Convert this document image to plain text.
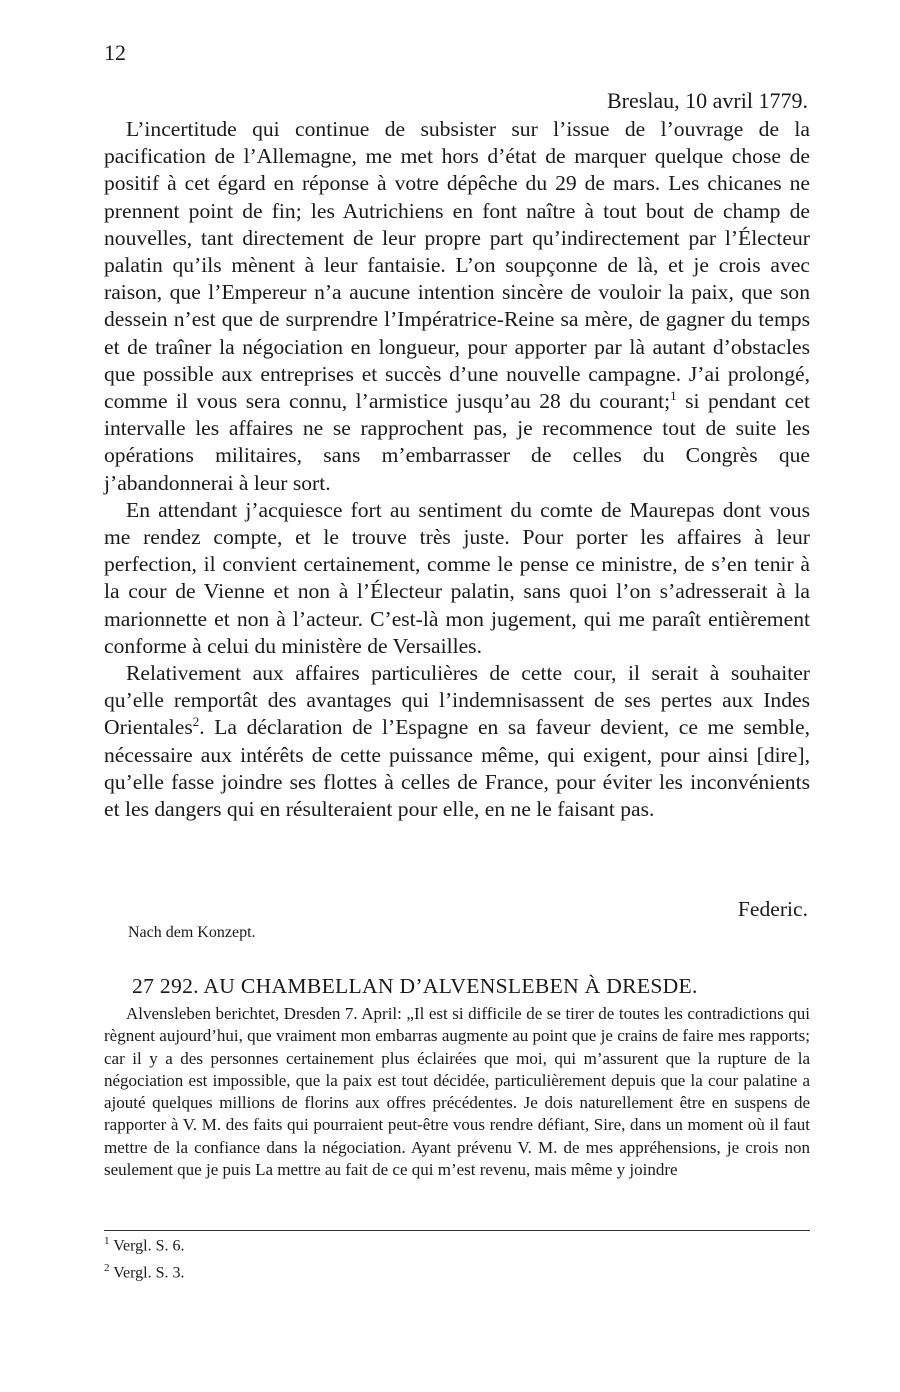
12
Breslau, 10 avril 1779.

L’incertitude qui continue de subsister sur l’issue de l’ouvrage de la pacification de l’Allemagne, me met hors d’état de marquer quelque chose de positif à cet égard en réponse à votre dépêche du 29 de mars. Les chicanes ne prennent point de fin; les Autrichiens en font naître à tout bout de champ de nouvelles, tant directement de leur propre part qu’indirectement par l’Électeur palatin qu’ils mènent à leur fantaisie. L’on soupçonne de là, et je crois avec raison, que l’Empereur n’a aucune intention sincère de vouloir la paix, que son dessein n’est que de surprendre l’Impératrice-Reine sa mère, de gagner du temps et de traîner la négociation en longueur, pour apporter par là autant d’obstacles que possible aux entreprises et succès d’une nouvelle campagne. J’ai prolongé, comme il vous sera connu, l’armistice jusqu’au 28 du courant;$^1$ si pendant cet intervalle les affaires ne se rapprochent pas, je recommence tout de suite les opérations militaires, sans m’embarrasser de celles du Congrès que j’abandonnerai à leur sort.

En attendant j’acquiesce fort au sentiment du comte de Maurepas dont vous me rendez compte, et le trouve très juste. Pour porter les affaires à leur perfection, il convient certainement, comme le pense ce ministre, de s’en tenir à la cour de Vienne et non à l’Électeur palatin, sans quoi l’on s’adresserait à la marionnette et non à l’acteur. C’est-là mon jugement, qui me paraît entièrement conforme à celui du ministère de Versailles.

Relativement aux affaires particulières de cette cour, il serait à souhaiter qu’elle remportât des avantages qui l’indemnisassent de ses pertes aux Indes Orientales$^2$. La déclaration de l’Espagne en sa faveur devient, ce me semble, nécessaire aux intérêts de cette puissance même, qui exigent, pour ainsi [dire], qu’elle fasse joindre ses flottes à celles de France, pour éviter les inconvénients et les dangers qui en résulteraient pour elle, en ne le faisant pas.

Federic.
Nach dem Konzept.
27 292. AU CHAMBELLAN D’ALVENSLEBEN À DRESDE.

Alvensleben berichtet, Dresden 7. April: „Il est si difficile de se tirer de toutes les contradictions qui règnent aujourd’hui, que vraiment mon embarras augmente au point que je crains de faire mes rapports; car il y a des personnes certainement plus éclairées que moi, qui m’assurent que la rupture de la négociation est impossible, que la paix est tout décidée, particulièrement depuis que la cour palatine a ajouté quelques millions de florins aux offres précédentes. Je dois naturellement être en suspens de rapporter à V. M. des faits qui pourraient peut-être vous rendre défiant, Sire, dans un moment où il faut mettre de la confiance dans la négociation. Ayant prévenu V. M. de mes appréhensions, je crois non seulement que je puis La mettre au fait de ce qui m’est revenu, mais même y joindre

$^1$ Vergl. S. 6.
$^2$ Vergl. S. 3.
